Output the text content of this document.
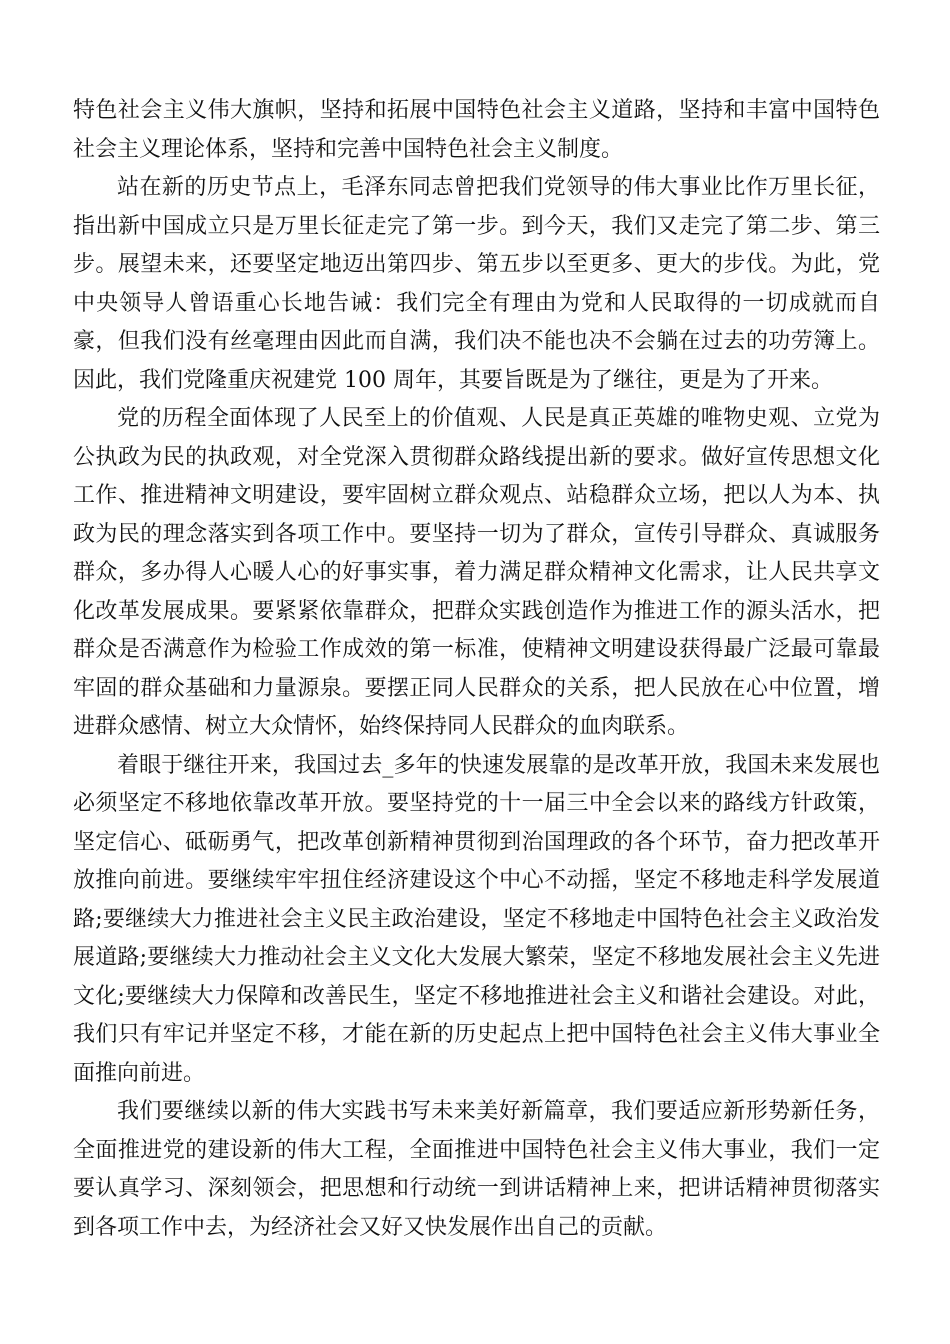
特色社会主义伟大旗帜，坚持和拓展中国特色社会主义道路，坚持和丰富中国特色社会主义理论体系，坚持和完善中国特色社会主义制度。

站在新的历史节点上，毛泽东同志曾把我们党领导的伟大事业比作万里长征，指出新中国成立只是万里长征走完了第一步。到今天，我们又走完了第二步、第三步。展望未来，还要坚定地迈出第四步、第五步以至更多、更大的步伐。为此，党中央领导人曾语重心长地告诫：我们完全有理由为党和人民取得的一切成就而自豪，但我们没有丝毫理由因此而自满，我们决不能也决不会躺在过去的功劳簿上。因此，我们党隆重庆祝建党 100 周年，其要旨既是为了继往，更是为了开来。

党的历程全面体现了人民至上的价值观、人民是真正英雄的唯物史观、立党为公执政为民的执政观，对全党深入贯彻群众路线提出新的要求。做好宣传思想文化工作、推进精神文明建设，要牢固树立群众观点、站稳群众立场，把以人为本、执政为民的理念落实到各项工作中。要坚持一切为了群众，宣传引导群众、真诚服务群众，多办得人心暖人心的好事实事，着力满足群众精神文化需求，让人民共享文化改革发展成果。要紧紧依靠群众，把群众实践创造作为推进工作的源头活水，把群众是否满意作为检验工作成效的第一标准，使精神文明建设获得最广泛最可靠最牢固的群众基础和力量源泉。要摆正同人民群众的关系，把人民放在心中位置，增进群众感情、树立大众情怀，始终保持同人民群众的血肉联系。

着眼于继往开来，我国过去_多年的快速发展靠的是改革开放，我国未来发展也必须坚定不移地依靠改革开放。要坚持党的十一届三中全会以来的路线方针政策，坚定信心、砥砺勇气，把改革创新精神贯彻到治国理政的各个环节，奋力把改革开放推向前进。要继续牢牢扭住经济建设这个中心不动摇，坚定不移地走科学发展道路;要继续大力推进社会主义民主政治建设，坚定不移地走中国特色社会主义政治发展道路;要继续大力推动社会主义文化大发展大繁荣，坚定不移地发展社会主义先进文化;要继续大力保障和改善民生，坚定不移地推进社会主义和谐社会建设。对此，我们只有牢记并坚定不移，才能在新的历史起点上把中国特色社会主义伟大事业全面推向前进。

我们要继续以新的伟大实践书写未来美好新篇章，我们要适应新形势新任务，全面推进党的建设新的伟大工程，全面推进中国特色社会主义伟大事业，我们一定要认真学习、深刻领会，把思想和行动统一到讲话精神上来，把讲话精神贯彻落实到各项工作中去，为经济社会又好又快发展作出自己的贡献。
